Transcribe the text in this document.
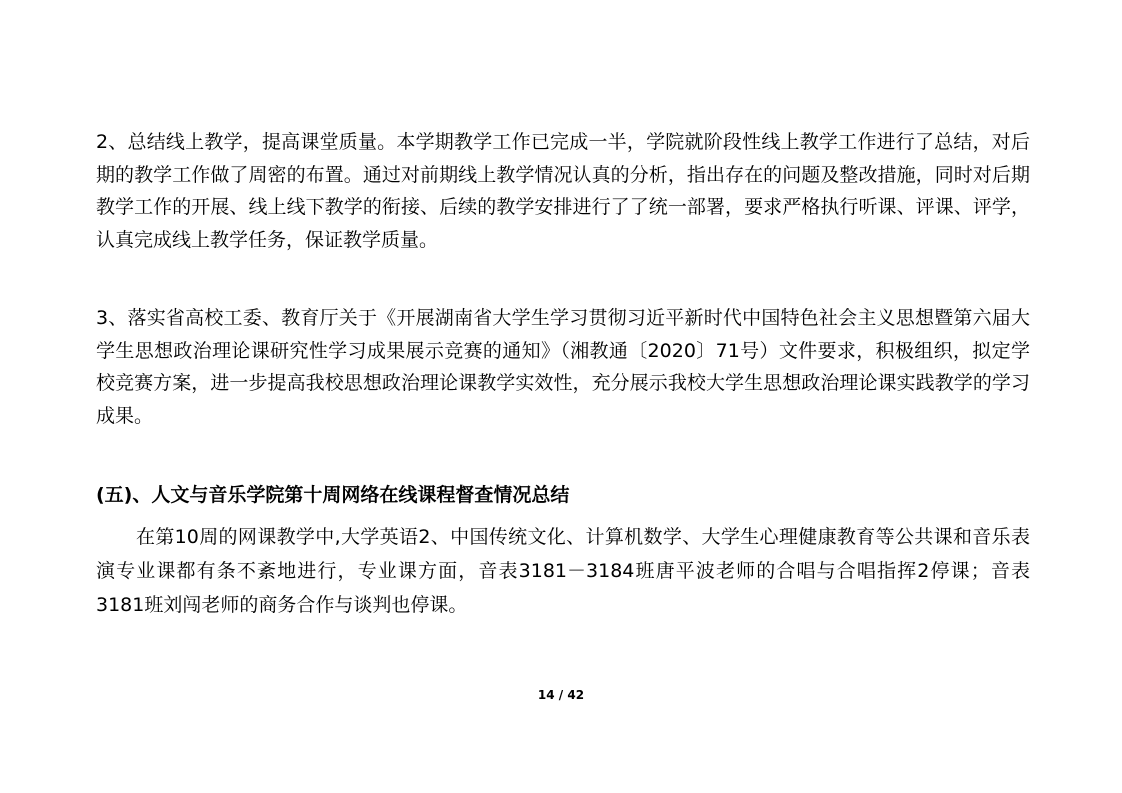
2、总结线上教学，提高课堂质量。本学期教学工作已完成一半，学院就阶段性线上教学工作进行了总结，对后期的教学工作做了周密的布置。通过对前期线上教学情况认真的分析，指出存在的问题及整改措施，同时对后期教学工作的开展、线上线下教学的衔接、后续的教学安排进行了了统一部署，要求严格执行听课、评课、评学，认真完成线上教学任务，保证教学质量。

3、落实省高校工委、教育厅关于《开展湖南省大学生学习贯彻习近平新时代中国特色社会主义思想暨第六届大学生思想政治理论课研究性学习成果展示竞赛的通知》（湘教通〔2020〕71号）文件要求，积极组织，拟定学校竞赛方案，进一步提高我校思想政治理论课教学实效性，充分展示我校大学生思想政治理论课实践教学的学习成果。

(五)、人文与音乐学院第十周网络在线课程督查情况总结

在第10周的网课教学中,大学英语2、中国传统文化、计算机数学、大学生心理健康教育等公共课和音乐表演专业课都有条不紊地进行，专业课方面，音表3181－3184班唐平波老师的合唱与合唱指挥2停课；音表3181班刘闯老师的商务合作与谈判也停课。

14 / 42
